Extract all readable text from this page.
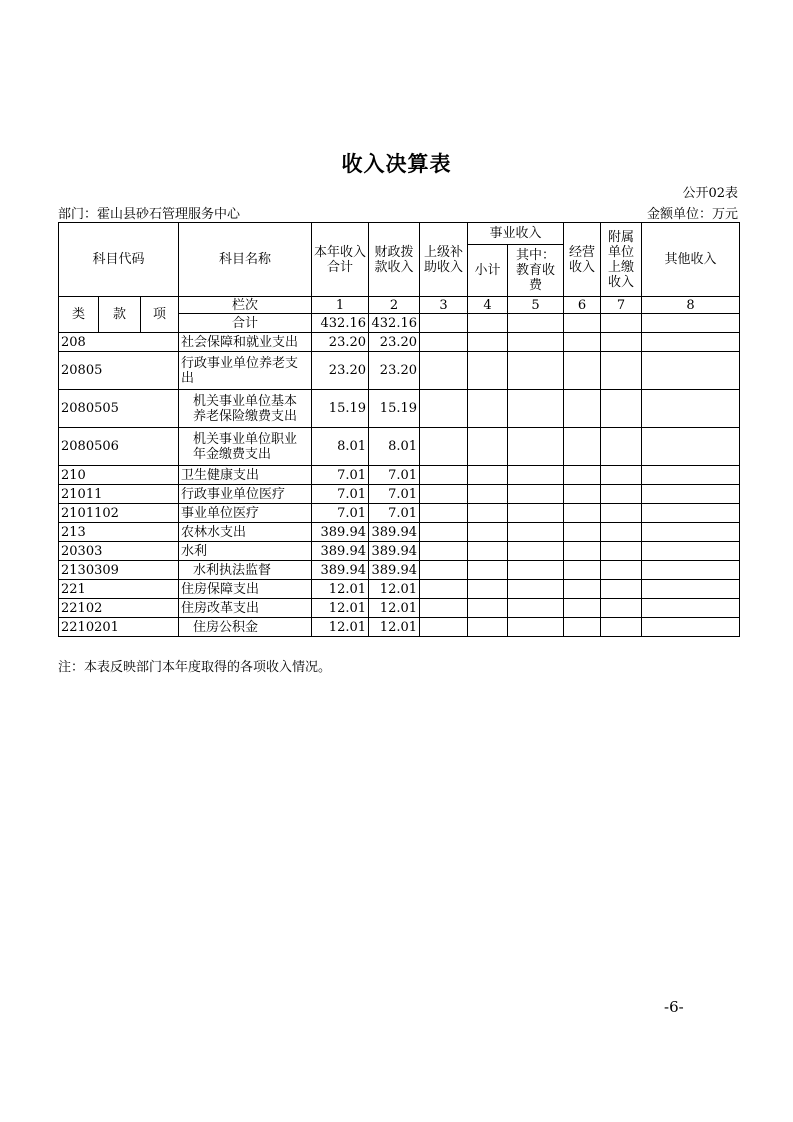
收入决算表
公开02表
部门：霍山县砂石管理服务中心	金额单位：万元
科目代码			科目名称	本年收入合计	财政拨款收入	上级补助收入	事业收入		经营收入	附属单位上缴收入	其他收入
							小计	其中：教育收费			

类	款	项	栏次	1	2	3	4	5	6	7	8
			合计	432.16	432.16						
208			社会保障和就业支出	23.20	23.20						
20805			行政事业单位养老支出	23.20	23.20						
2080505			机关事业单位基本养老保险缴费支出	15.19	15.19						
2080506			机关事业单位职业年金缴费支出	8.01	8.01						
210			卫生健康支出	7.01	7.01						
21011			行政事业单位医疗	7.01	7.01						
2101102			事业单位医疗	7.01	7.01						
213			农林水支出	389.94	389.94						
20303			水利	389.94	389.94						
2130309			水利执法监督	389.94	389.94						
221			住房保障支出	12.01	12.01						
22102			住房改革支出	12.01	12.01						
2210201			住房公积金	12.01	12.01						
注：本表反映部门本年度取得的各项收入情况。
-6-
